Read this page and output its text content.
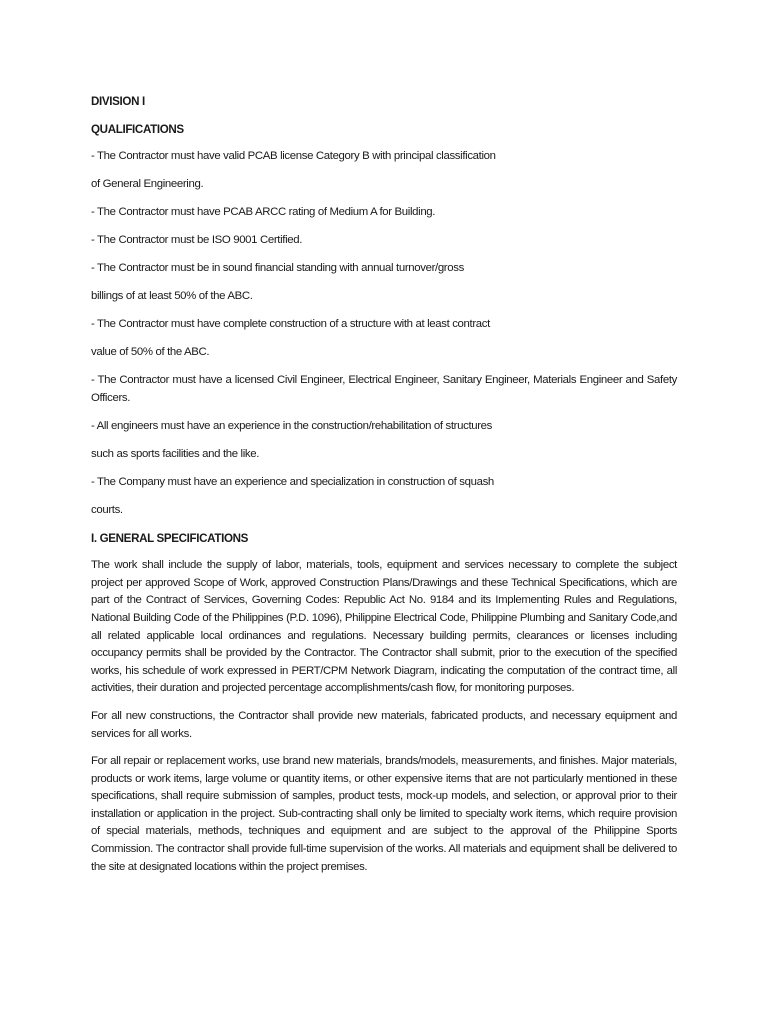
DIVISION I
QUALIFICATIONS
- The Contractor must have valid PCAB license Category B with principal classification
of General Engineering.
- The Contractor must have PCAB ARCC rating of Medium A for Building.
- The Contractor must be ISO 9001 Certified.
- The Contractor must be in sound financial standing with annual turnover/gross
billings of at least 50% of the ABC.
- The Contractor must have complete construction of a structure with at least contract
value of 50% of the ABC.
- The Contractor must have a licensed Civil Engineer, Electrical Engineer, Sanitary Engineer, Materials Engineer and Safety Officers.
- All engineers must have an experience in the construction/rehabilitation of structures
such as sports facilities and the like.
- The Company must have an experience and specialization in construction of squash
courts.
I. GENERAL SPECIFICATIONS
The work shall include the supply of labor, materials, tools, equipment and services necessary to complete the subject project per approved Scope of Work, approved Construction Plans/Drawings and these Technical Specifications, which are part of the Contract of Services, Governing Codes: Republic Act No. 9184 and its Implementing Rules and Regulations, National Building Code of the Philippines (P.D. 1096), Philippine Electrical Code, Philippine Plumbing and Sanitary Code,and all related applicable local ordinances and regulations. Necessary building permits, clearances or licenses including occupancy permits shall be provided by the Contractor. The Contractor shall submit, prior to the execution of the specified works, his schedule of work expressed in PERT/CPM Network Diagram, indicating the computation of the contract time, all activities, their duration and projected percentage accomplishments/cash flow, for monitoring purposes.
For all new constructions, the Contractor shall provide new materials, fabricated products, and necessary equipment and services for all works.
For all repair or replacement works, use brand new materials, brands/models, measurements, and finishes. Major materials, products or work items, large volume or quantity items, or other expensive items that are not particularly mentioned in these specifications, shall require submission of samples, product tests, mock-up models, and selection, or approval prior to their installation or application in the project. Sub-contracting shall only be limited to specialty work items, which require provision of special materials, methods, techniques and equipment and are subject to the approval of the Philippine Sports Commission. The contractor shall provide full-time supervision of the works. All materials and equipment shall be delivered to the site at designated locations within the project premises.
